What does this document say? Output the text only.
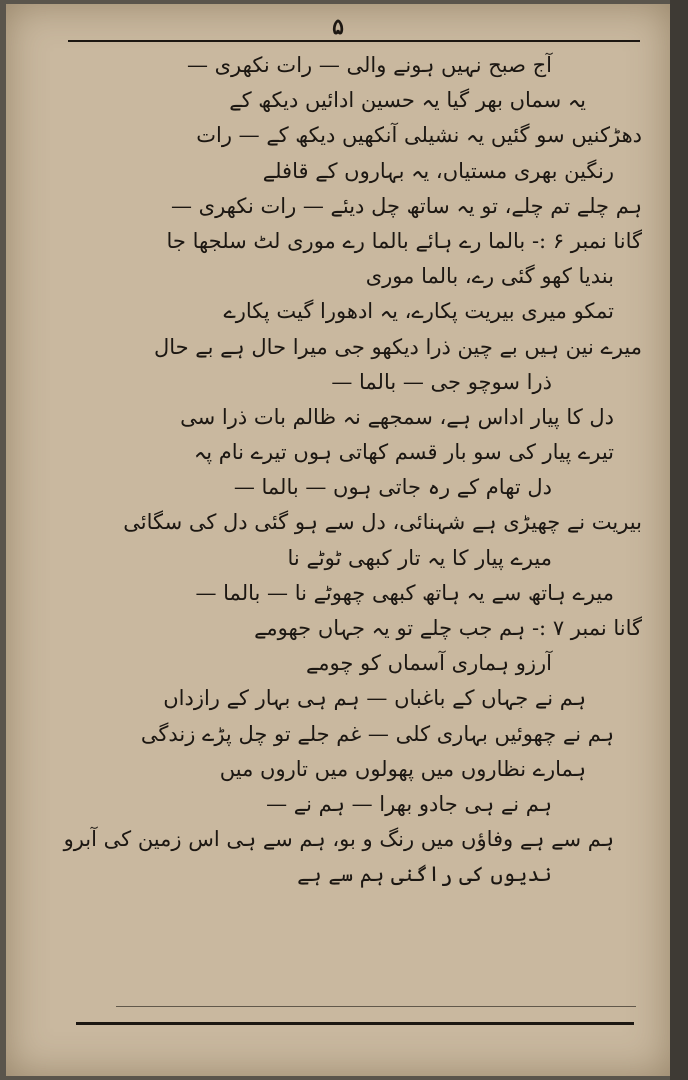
۵
آج صبح نہیں ہونے والی — رات نکھری —
یہ سماں بھر گیا یہ حسین ادائیں دیکھ کے
دھڑکنیں سو گئیں یہ نشیلی آنکھیں دیکھ کے — رات
رنگین بھری مستیاں، یہ بہاروں کے قافلے
ہم چلے تم چلے، تو یہ ساتھ چل دیئے — رات نکھری —
گانا نمبر ۶ :- بالما رے ہائے بالما رے موری لٹ سلجھا جا
بندیا کھو گئی رے، بالما موری
تمکو میری بیریت پکارے، یہ ادھورا گیت پکارے
میرے نین ہیں بے چین ذرا دیکھو جی میرا حال ہے بے حال
ذرا سوچو جی — بالما —
دل کا پیار اداس ہے، سمجھے نہ ظالم بات ذرا سی
تیرے پیار کی سو بار قسم کھاتی ہوں تیرے نام پہ
دل تھام کے رہ جاتی ہوں — بالما —
بیریت نے چھیڑی ہے شہنائی، دل سے ہو گئی دل کی سگائی
میرے پیار کا یہ تار کبھی ٹوٹے نا
میرے ہاتھ سے یہ ہاتھ کبھی چھوٹے نا — بالما —
گانا نمبر ۷ :- ہم جب چلے تو یہ جہاں جھومے
آرزو ہماری آسماں کو چومے
ہم نے جہاں کے باغباں — ہم ہی بہار کے رازداں
ہم نے چھوئیں بہاری کلی — غم جلے تو چل پڑے زندگی
ہمارے نظاروں میں پھولوں میں تاروں میں
ہم نے ہی جادو بھرا — ہم نے —
ہم سے ہے وفاؤں میں رنگ و بو، ہم سے ہی اس زمین کی آبرو
ندیوں کی راگنی ہم سے ہے
